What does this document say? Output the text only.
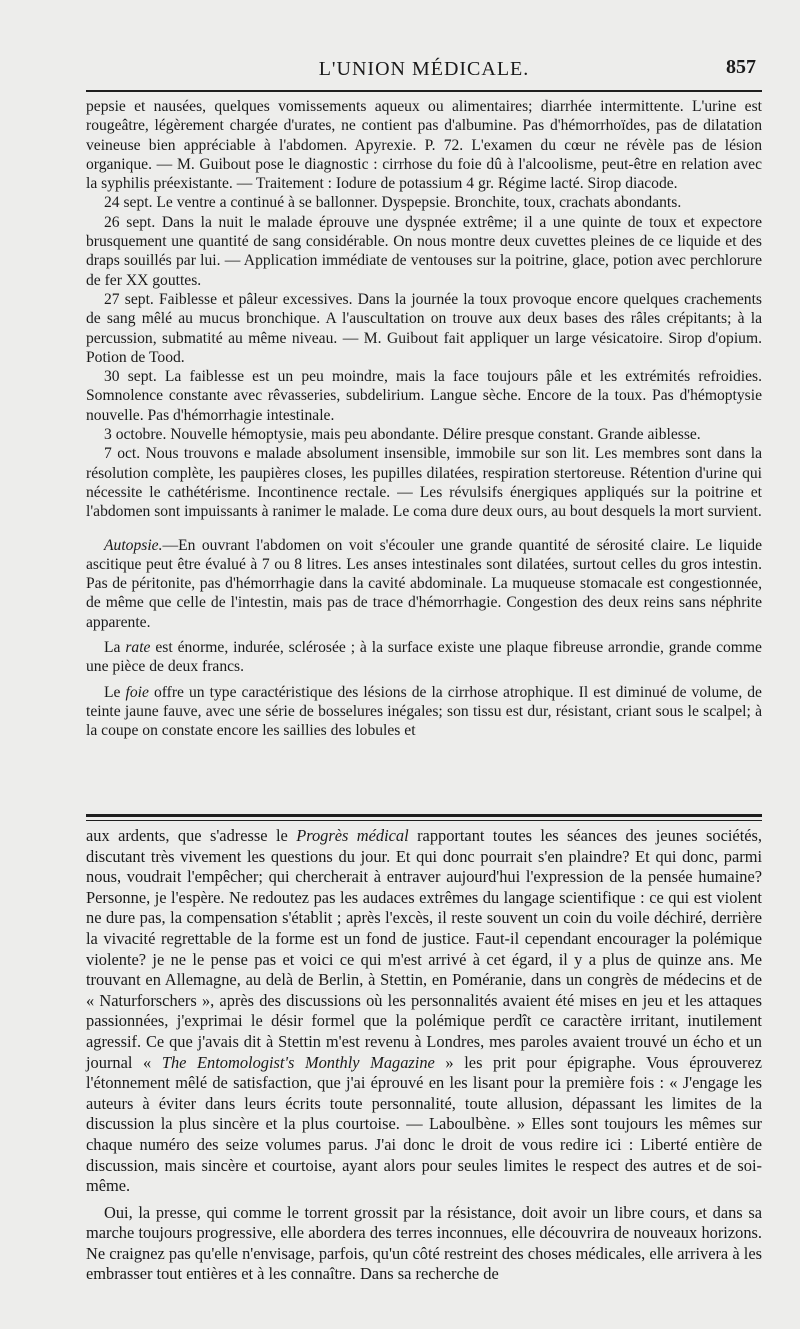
L'UNION MÉDICALE.	857

pepsie et nausées, quelques vomissements aqueux ou alimentaires; diarrhée intermittente. L'urine est rougeâtre, légèrement chargée d'urates, ne contient pas d'albumine. Pas d'hémorrhoïdes, pas de dilatation veineuse bien appréciable à l'abdomen. Apyrexie. P. 72. L'examen du cœur ne révèle pas de lésion organique. — M. Guibout pose le diagnostic : cirrhose du foie dû à l'alcoolisme, peut-être en relation avec la syphilis préexistante. — Traitement : Iodure de potassium 4 gr. Régime lacté. Sirop diacode.

24 sept. Le ventre a continué à se ballonner. Dyspepsie. Bronchite, toux, crachats abondants.

26 sept. Dans la nuit le malade éprouve une dyspnée extrême; il a une quinte de toux et expectore brusquement une quantité de sang considérable. On nous montre deux cuvettes pleines de ce liquide et des draps souillés par lui. — Application immédiate de ventouses sur la poitrine, glace, potion avec perchlorure de fer XX gouttes.

27 sept. Faiblesse et pâleur excessives. Dans la journée la toux provoque encore quelques crachements de sang mêlé au mucus bronchique. A l'auscultation on trouve aux deux bases des râles crépitants; à la percussion, submatité au même niveau. — M. Guibout fait appliquer un large vésicatoire. Sirop d'opium. Potion de Tood.

30 sept. La faiblesse est un peu moindre, mais la face toujours pâle et les extrémités refroidies. Somnolence constante avec rêvasseries, subdelirium. Langue sèche. Encore de la toux. Pas d'hémoptysie nouvelle. Pas d'hémorrhagie intestinale.

3 octobre. Nouvelle hémoptysie, mais peu abondante. Délire presque constant. Grande aiblesse.

7 oct. Nous trouvons e malade absolument insensible, immobile sur son lit. Les membres sont dans la résolution complète, les paupières closes, les pupilles dilatées, respiration stertoreuse. Rétention d'urine qui nécessite le cathétérisme. Incontinence rectale. — Les révulsifs énergiques appliqués sur la poitrine et l'abdomen sont impuissants à ranimer le malade. Le coma dure deux ours, au bout desquels la mort survient.

Autopsie.—En ouvrant l'abdomen on voit s'écouler une grande quantité de sérosité claire. Le liquide ascitique peut être évalué à 7 ou 8 litres. Les anses intestinales sont dilatées, surtout celles du gros intestin. Pas de péritonite, pas d'hémorrhagie dans la cavité abdominale. La muqueuse stomacale est congestionnée, de même que celle de l'intestin, mais pas de trace d'hémorrhagie. Congestion des deux reins sans néphrite apparente.

La rate est énorme, indurée, sclérosée ; à la surface existe une plaque fibreuse arrondie, grande comme une pièce de deux francs.

Le foie offre un type caractéristique des lésions de la cirrhose atrophique. Il est diminué de volume, de teinte jaune fauve, avec une série de bosselures inégales; son tissu est dur, résistant, criant sous le scalpel; à la coupe on constate encore les saillies des lobules et

aux ardents, que s'adresse le Progrès médical rapportant toutes les séances des jeunes sociétés, discutant très vivement les questions du jour. Et qui donc pourrait s'en plaindre? Et qui donc, parmi nous, voudrait l'empêcher; qui chercherait à entraver aujourd'hui l'expression de la pensée humaine? Personne, je l'espère. Ne redoutez pas les audaces extrêmes du langage scientifique : ce qui est violent ne dure pas, la compensation s'établit ; après l'excès, il reste souvent un coin du voile déchiré, derrière la vivacité regrettable de la forme est un fond de justice. Faut-il cependant encourager la polémique violente? je ne le pense pas et voici ce qui m'est arrivé à cet égard, il y a plus de quinze ans. Me trouvant en Allemagne, au delà de Berlin, à Stettin, en Poméranie, dans un congrès de médecins et de « Naturforschers », après des discussions où les personnalités avaient été mises en jeu et les attaques passionnées, j'exprimai le désir formel que la polémique perdît ce caractère irritant, inutilement agressif. Ce que j'avais dit à Stettin m'est revenu à Londres, mes paroles avaient trouvé un écho et un journal « The Entomologist's Monthly Magazine » les prit pour épigraphe. Vous éprouverez l'étonnement mêlé de satisfaction, que j'ai éprouvé en les lisant pour la première fois : « J'engage les auteurs à éviter dans leurs écrits toute personnalité, toute allusion, dépassant les limites de la discussion la plus sincère et la plus courtoise. — Laboulbène. » Elles sont toujours les mêmes sur chaque numéro des seize volumes parus. J'ai donc le droit de vous redire ici : Liberté entière de discussion, mais sincère et courtoise, ayant alors pour seules limites le respect des autres et de soi-même.

Oui, la presse, qui comme le torrent grossit par la résistance, doit avoir un libre cours, et dans sa marche toujours progressive, elle abordera des terres inconnues, elle découvrira de nouveaux horizons. Ne craignez pas qu'elle n'envisage, parfois, qu'un côté restreint des choses médicales, elle arrivera à les embrasser tout entières et à les connaître. Dans sa recherche de
